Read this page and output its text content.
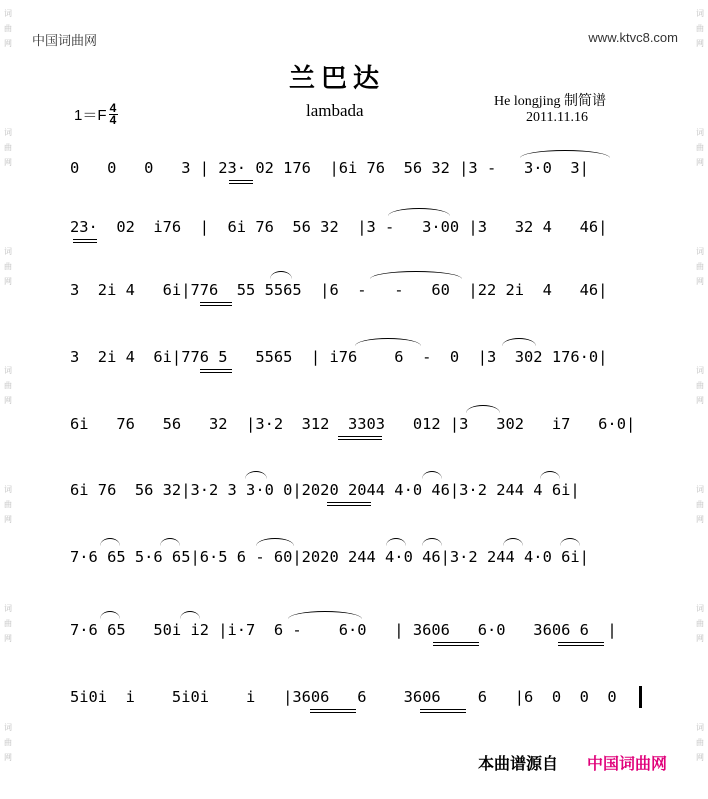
词
曲
网
词
曲
网
词
曲
网
词
曲
网
词
曲
网
词
曲
网
词
曲
网
词
曲
网
词
曲
网
词
曲
网
词
曲
网
词
曲
网
词
曲
网
词
曲
网
中国词曲网	www.ktvc8.com
兰巴达
lambada	He longjing 制简谱
2011.11.16
$1=F \frac{4}{4}$
0   0   0   3 | 23· 02 176  |6i 76  56 32 |3 -   3·0  3|
23·  02  i76  |  6i 76  56 32  |3 -   3·00 |3   32 4   46|
3  2i 4   6i|776  55 5565  |6  -   -   60  |22 2i  4   46|
3  2i 4  6i|776 5   5565  | i76    6  -  0  |3  302 176·0|
6i   76   56   32  |3·2  312  3303   012 |3   302   i7   6·0|
6i 76  56 32|3·2 3 3·0 0|2020 2044 4·0 46|3·2 244 4 6i|
7·6 65 5·6 65|6·5 6 - 60|2020 244 4·0 46|3·2 244 4·0 6i|
7·6 65   50i i2 |i·7  6 -    6·0   | 3606   6·0   3606 6  |
5i0i  i    5i0i    i   |3606   6    3606    6   |6  0  0  0
本曲谱源自 中国词曲网
